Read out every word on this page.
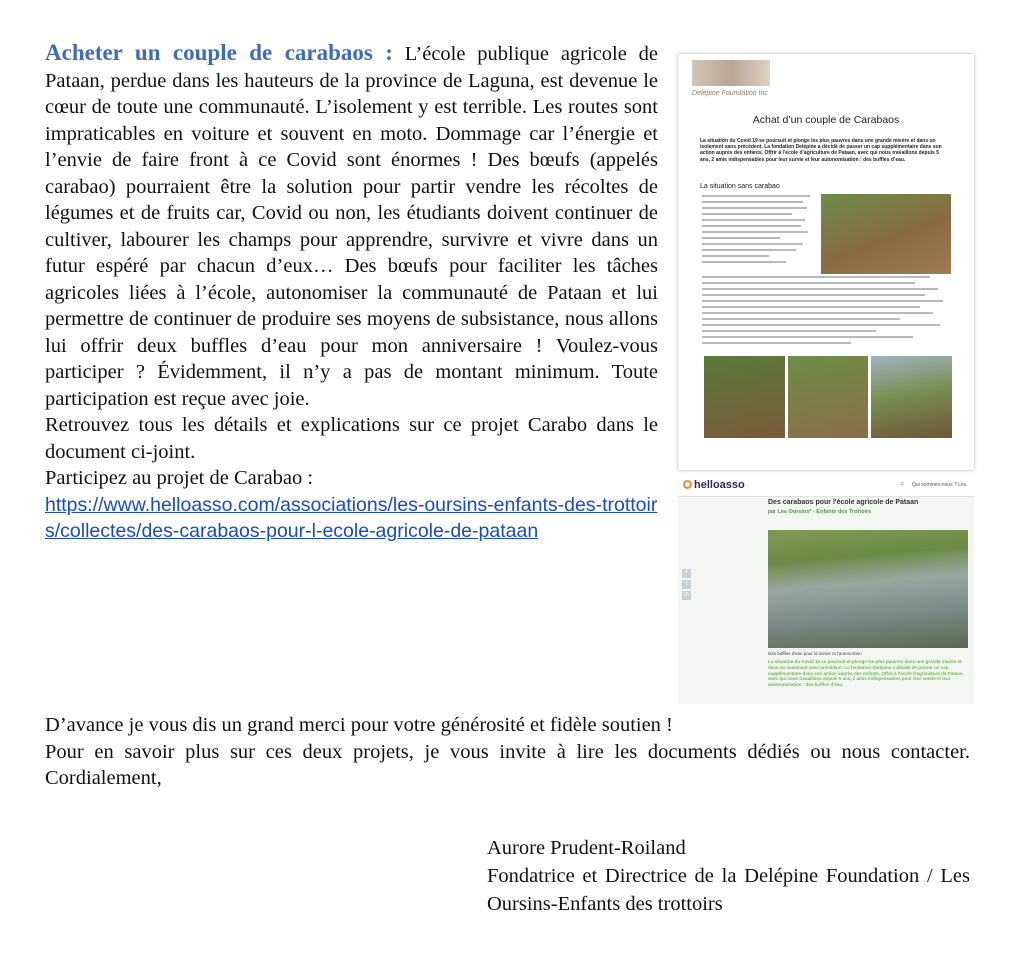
Acheter un couple de carabaos : L’école publique agricole de Pataan, perdue dans les hauteurs de la province de Laguna, est devenue le cœur de toute une communauté. L’isolement y est terrible. Les routes sont impraticables en voiture et souvent en moto. Dommage car l’énergie et l’envie de faire front à ce Covid sont énormes ! Des bœufs (appelés carabao) pourraient être la solution pour partir vendre les récoltes de légumes et de fruits car, Covid ou non, les étudiants doivent continuer de cultiver, labourer les champs pour apprendre, survivre et vivre dans un futur espéré par chacun d’eux… Des bœufs pour faciliter les tâches agricoles liées à l’école, autonomiser la communauté de Pataan et lui permettre de continuer de produire ses moyens de subsistance, nous allons lui offrir deux buffles d’eau pour mon anniversaire ! Voulez-vous participer ? Évidemment, il n’y a pas de montant minimum. Toute participation est reçue avec joie.

Retrouvez tous les détails et explications sur ce projet Carabo dans le document ci-joint.

Participez au projet de Carabao :

https://www.helloasso.com/associations/les-oursins-enfants-des-trottoirs/collectes/des-carabaos-pour-l-ecole-agricole-de-pataan
Delépine Foundation Inc
Achat d’un couple de Carabaos
La situation du Covid 19 se poursuit et plonge les plus pauvres dans une grande misère et dans un isolement sans précédent. La fondation Delépine a décidé de passer un cap supplémentaire dans son action auprès des enfants. Offrir à l’école d’agriculture de Pataan, avec qui nous travaillons depuis 5 ans, 2 amis indispensables pour leur survie et leur autonomisation : des buffles d’eau.
La situation sans carabao
helloasso	⌕ Qui sommes-nous ? Les
Des carabaos pour l'école agricole de Pataan
par Les Oursins* - Enfants des Trottoirs
f
t
in
Des buffles d'eau pour la survie et l'autonomie !
La situation du Covid 19 se poursuit et plonge les plus pauvres dans une grande misère et dans un isolement sans précédent. La fondation Delépine a décidé de passer un cap supplémentaire dans son action auprès des enfants. Offrir à l'école d'agriculture de Pataan, avec qui nous travaillons depuis 5 ans, 2 amis indispensables pour leur survie et leur autonomisation : des buffles d'eau.

D’avance je vous dis un grand merci pour votre générosité et fidèle soutien !

Pour en savoir plus sur ces deux projets, je vous invite à lire les documents dédiés ou nous contacter. Cordialement,

Aurore Prudent-Roiland
Fondatrice et Directrice de la Delépine Foundation / Les Oursins-Enfants des trottoirs
